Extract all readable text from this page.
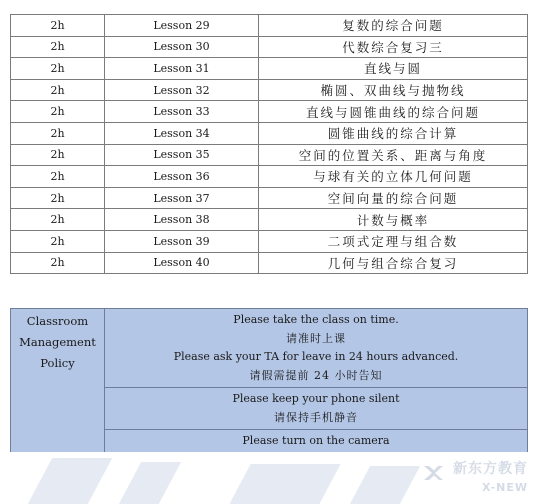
2h	Lesson 29	复数的综合问题
2h	Lesson 30	代数综合复习三
2h	Lesson 31	直线与圆
2h	Lesson 32	椭圆、双曲线与抛物线
2h	Lesson 33	直线与圆锥曲线的综合问题
2h	Lesson 34	圆锥曲线的综合计算
2h	Lesson 35	空间的位置关系、距离与角度
2h	Lesson 36	与球有关的立体几何问题
2h	Lesson 37	空间向量的综合问题
2h	Lesson 38	计数与概率
2h	Lesson 39	二项式定理与组合数
2h	Lesson 40	几何与组合综合复习
Classroom
Management
Policy

Please take the class on time.
请准时上课
Please ask your TA for leave in 24 hours advanced.
请假需提前 24 小时告知

Please keep your phone silent
请保持手机静音

Please turn on the camera
新东方教育
X-NEW
